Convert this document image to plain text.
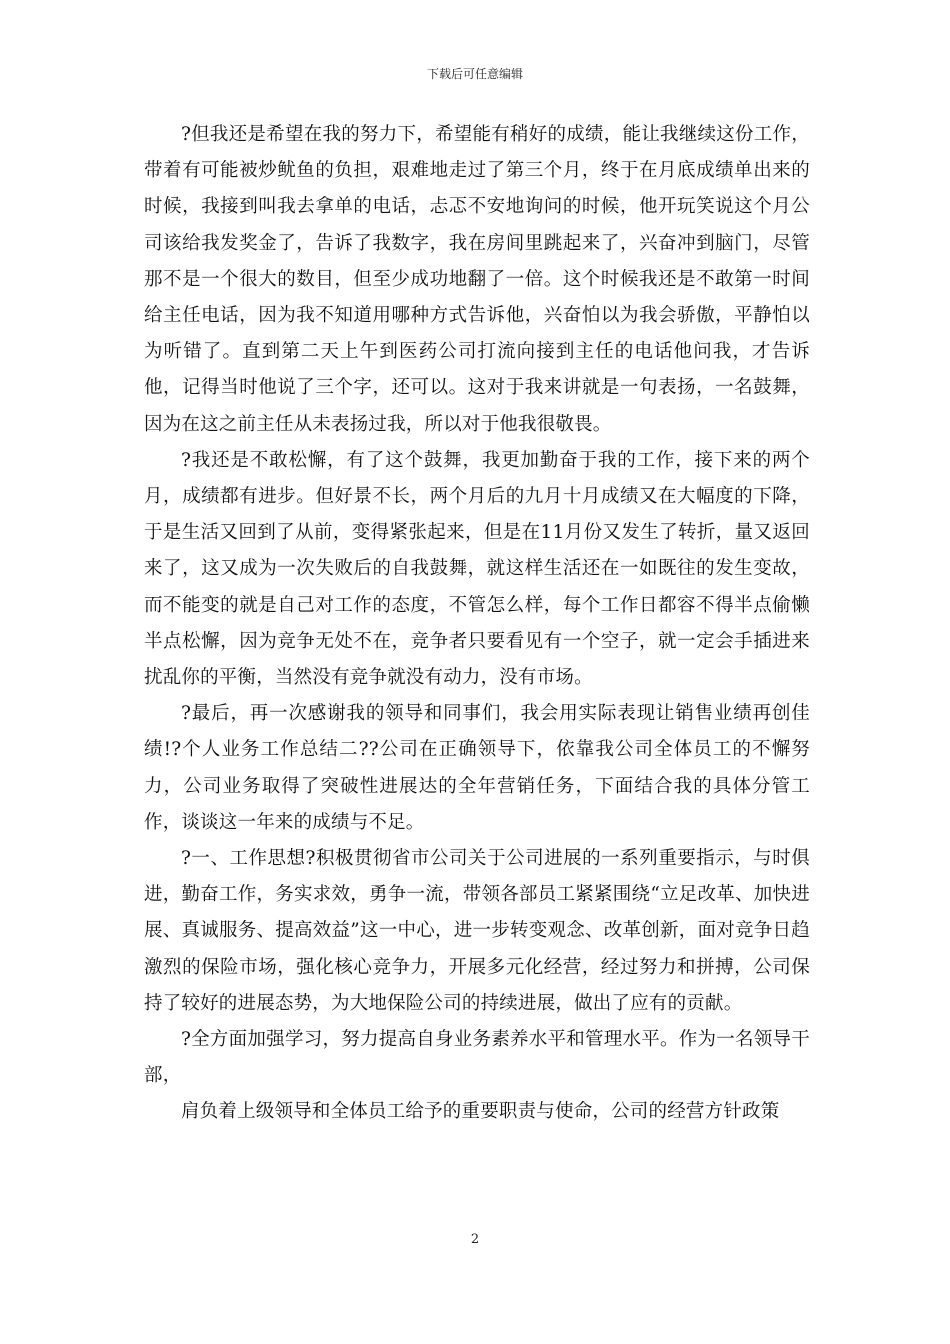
下载后可任意编辑

?但我还是希望在我的努力下，希望能有稍好的成绩，能让我继续这份工作，带着有可能被炒鱿鱼的负担，艰难地走过了第三个月，终于在月底成绩单出来的时候，我接到叫我去拿单的电话，忐忑不安地询问的时候，他开玩笑说这个月公司该给我发奖金了，告诉了我数字，我在房间里跳起来了，兴奋冲到脑门，尽管那不是一个很大的数目，但至少成功地翻了一倍。这个时候我还是不敢第一时间给主任电话，因为我不知道用哪种方式告诉他，兴奋怕以为我会骄傲，平静怕以为听错了。直到第二天上午到医药公司打流向接到主任的电话他问我，才告诉他，记得当时他说了三个字，还可以。这对于我来讲就是一句表扬，一名鼓舞，因为在这之前主任从未表扬过我，所以对于他我很敬畏。

?我还是不敢松懈，有了这个鼓舞，我更加勤奋于我的工作，接下来的两个月，成绩都有进步。但好景不长，两个月后的九月十月成绩又在大幅度的下降，于是生活又回到了从前，变得紧张起来，但是在11月份又发生了转折，量又返回来了，这又成为一次失败后的自我鼓舞，就这样生活还在一如既往的发生变故，而不能变的就是自己对工作的态度，不管怎么样，每个工作日都容不得半点偷懒半点松懈，因为竞争无处不在，竞争者只要看见有一个空子，就一定会手插进来扰乱你的平衡，当然没有竞争就没有动力，没有市场。

?最后，再一次感谢我的领导和同事们，我会用实际表现让销售业绩再创佳绩!?个人业务工作总结二??公司在正确领导下，依靠我公司全体员工的不懈努力，公司业务取得了突破性进展达的全年营销任务，下面结合我的具体分管工作，谈谈这一年来的成绩与不足。

?一、工作思想?积极贯彻省市公司关于公司进展的一系列重要指示，与时俱进，勤奋工作，务实求效，勇争一流，带领各部员工紧紧围绕“立足改革、加快进展、真诚服务、提高效益”这一中心，进一步转变观念、改革创新，面对竞争日趋激烈的保险市场，强化核心竞争力，开展多元化经营，经过努力和拼搏，公司保持了较好的进展态势，为大地保险公司的持续进展，做出了应有的贡献。

?全方面加强学习，努力提高自身业务素养水平和管理水平。作为一名领导干部，

肩负着上级领导和全体员工给予的重要职责与使命，公司的经营方针政策

2
